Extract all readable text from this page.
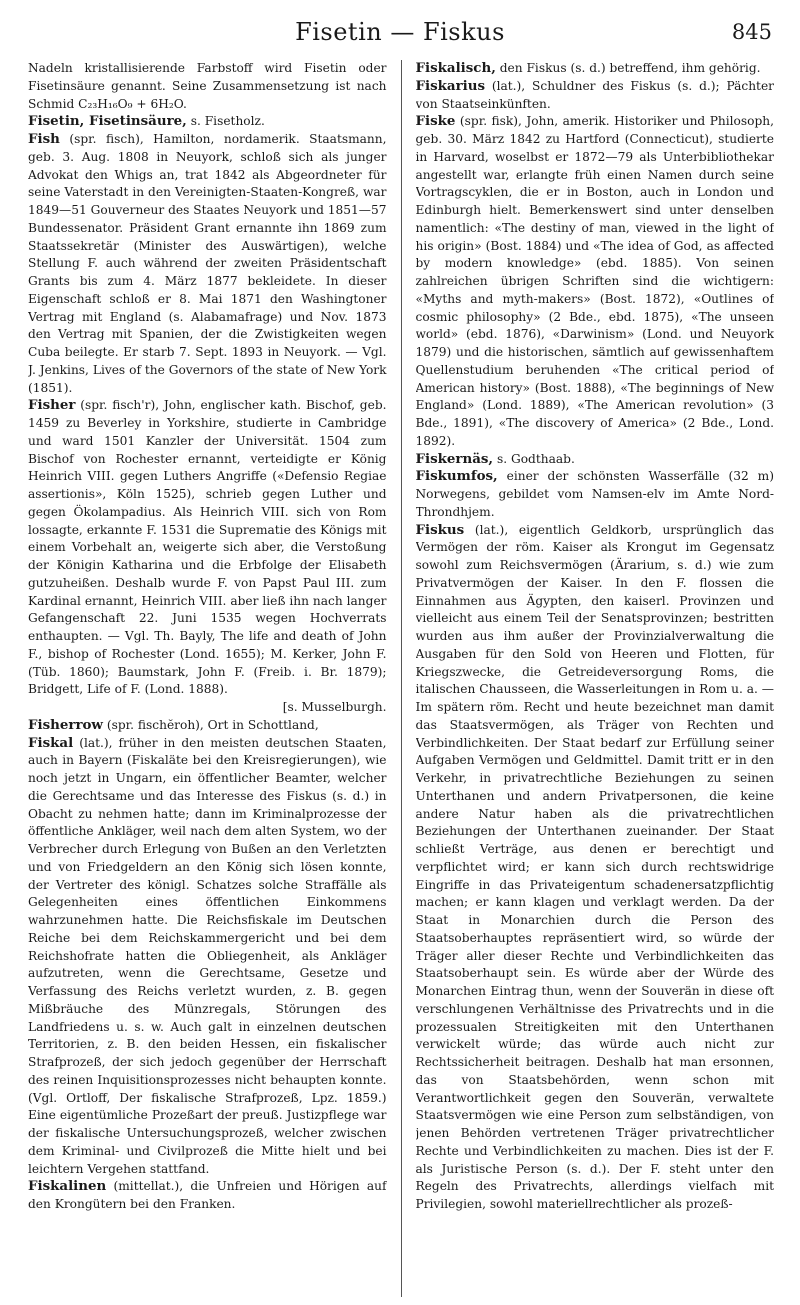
Fisetin — Fiskus	845

Nadeln kristallisierende Farbstoff wird Fisetin oder Fisetinsäure genannt. Seine Zusammensetzung ist nach Schmid C₂₃H₁₆O₉ + 6H₂O.

Fisetin, Fisetinsäure, s. Fisetholz.

Fish (spr. fisch), Hamilton, nordamerik. Staatsmann, geb. 3. Aug. 1808 in Neuyork, schloß sich als junger Advokat den Whigs an, trat 1842 als Abgeordneter für seine Vaterstadt in den Vereinigten-Staaten-Kongreß, war 1849—51 Gouverneur des Staates Neuyork und 1851—57 Bundessenator. Präsident Grant ernannte ihn 1869 zum Staatssekretär (Minister des Auswärtigen), welche Stellung F. auch während der zweiten Präsidentschaft Grants bis zum 4. März 1877 bekleidete. In dieser Eigenschaft schloß er 8. Mai 1871 den Washingtoner Vertrag mit England (s. Alabamafrage) und Nov. 1873 den Vertrag mit Spanien, der die Zwistigkeiten wegen Cuba beilegte. Er starb 7. Sept. 1893 in Neuyork. — Vgl. J. Jenkins, Lives of the Governors of the state of New York (1851).

Fisher (spr. fisch'r), John, englischer kath. Bischof, geb. 1459 zu Beverley in Yorkshire, studierte in Cambridge und ward 1501 Kanzler der Universität. 1504 zum Bischof von Rochester ernannt, verteidigte er König Heinrich VIII. gegen Luthers Angriffe («Defensio Regiae assertionis», Köln 1525), schrieb gegen Luther und gegen Ökolampadius. Als Heinrich VIII. sich von Rom lossagte, erkannte F. 1531 die Suprematie des Königs mit einem Vorbehalt an, weigerte sich aber, die Verstoßung der Königin Katharina und die Erbfolge der Elisabeth gutzuheißen. Deshalb wurde F. von Papst Paul III. zum Kardinal ernannt, Heinrich VIII. aber ließ ihn nach langer Gefangenschaft 22. Juni 1535 wegen Hochverrats enthaupten. — Vgl. Th. Bayly, The life and death of John F., bishop of Rochester (Lond. 1655); M. Kerker, John F. (Tüb. 1860); Baumstark, John F. (Freib. i. Br. 1879); Bridgett, Life of F. (Lond. 1888).
[s. Musselburgh.

Fisherrow (spr. fischĕroh), Ort in Schottland,

Fiskal (lat.), früher in den meisten deutschen Staaten, auch in Bayern (Fiskaläte bei den Kreisregierungen), wie noch jetzt in Ungarn, ein öffentlicher Beamter, welcher die Gerechtsame und das Interesse des Fiskus (s. d.) in Obacht zu nehmen hatte; dann im Kriminalprozesse der öffentliche Ankläger, weil nach dem alten System, wo der Verbrecher durch Erlegung von Bußen an den Verletzten und von Friedgeldern an den König sich lösen konnte, der Vertreter des königl. Schatzes solche Straffälle als Gelegenheiten eines öffentlichen Einkommens wahrzunehmen hatte. Die Reichsfiskale im Deutschen Reiche bei dem Reichskammergericht und bei dem Reichshofrate hatten die Obliegenheit, als Ankläger aufzutreten, wenn die Gerechtsame, Gesetze und Verfassung des Reichs verletzt wurden, z. B. gegen Mißbräuche des Münzregals, Störungen des Landfriedens u. s. w. Auch galt in einzelnen deutschen Territorien, z. B. den beiden Hessen, ein fiskalischer Strafprozeß, der sich jedoch gegenüber der Herrschaft des reinen Inquisitionsprozesses nicht behaupten konnte. (Vgl. Ortloff, Der fiskalische Strafprozeß, Lpz. 1859.) Eine eigentümliche Prozeßart der preuß. Justizpflege war der fiskalische Untersuchungsprozeß, welcher zwischen dem Kriminal- und Civilprozeß die Mitte hielt und bei leichtern Vergehen stattfand.

Fiskalinen (mittellat.), die Unfreien und Hörigen auf den Krongütern bei den Franken.

Fiskalisch, den Fiskus (s. d.) betreffend, ihm gehörig.

Fiskarius (lat.), Schuldner des Fiskus (s. d.); Pächter von Staatseinkünften.

Fiske (spr. fisk), John, amerik. Historiker und Philosoph, geb. 30. März 1842 zu Hartford (Connecticut), studierte in Harvard, woselbst er 1872—79 als Unterbibliothekar angestellt war, erlangte früh einen Namen durch seine Vortragscyklen, die er in Boston, auch in London und Edinburgh hielt. Bemerkenswert sind unter denselben namentlich: «The destiny of man, viewed in the light of his origin» (Bost. 1884) und «The idea of God, as affected by modern knowledge» (ebd. 1885). Von seinen zahlreichen übrigen Schriften sind die wichtigern: «Myths and myth-makers» (Bost. 1872), «Outlines of cosmic philosophy» (2 Bde., ebd. 1875), «The unseen world» (ebd. 1876), «Darwinism» (Lond. und Neuyork 1879) und die historischen, sämtlich auf gewissenhaftem Quellenstudium beruhenden «The critical period of American history» (Bost. 1888), «The beginnings of New England» (Lond. 1889), «The American revolution» (3 Bde., 1891), «The discovery of America» (2 Bde., Lond. 1892).

Fiskernäs, s. Godthaab.

Fiskumfos, einer der schönsten Wasserfälle (32 m) Norwegens, gebildet vom Namsen-elv im Amte Nord-Throndhjem.

Fiskus (lat.), eigentlich Geldkorb, ursprünglich das Vermögen der röm. Kaiser als Krongut im Gegensatz sowohl zum Reichsvermögen (Ärarium, s. d.) wie zum Privatvermögen der Kaiser. In den F. flossen die Einnahmen aus Ägypten, den kaiserl. Provinzen und vielleicht aus einem Teil der Senatsprovinzen; bestritten wurden aus ihm außer der Provinzialverwaltung die Ausgaben für den Sold von Heeren und Flotten, für Kriegszwecke, die Getreideversorgung Roms, die italischen Chausseen, die Wasserleitungen in Rom u. a. — Im spätern röm. Recht und heute bezeichnet man damit das Staatsvermögen, als Träger von Rechten und Verbindlichkeiten. Der Staat bedarf zur Erfüllung seiner Aufgaben Vermögen und Geldmittel. Damit tritt er in den Verkehr, in privatrechtliche Beziehungen zu seinen Unterthanen und andern Privatpersonen, die keine andere Natur haben als die privatrechtlichen Beziehungen der Unterthanen zueinander. Der Staat schließt Verträge, aus denen er berechtigt und verpflichtet wird; er kann sich durch rechtswidrige Eingriffe in das Privateigentum schadenersatzpflichtig machen; er kann klagen und verklagt werden. Da der Staat in Monarchien durch die Person des Staatsoberhauptes repräsentiert wird, so würde der Träger aller dieser Rechte und Verbindlichkeiten das Staatsoberhaupt sein. Es würde aber der Würde des Monarchen Eintrag thun, wenn der Souverän in diese oft verschlungenen Verhältnisse des Privatrechts und in die prozessualen Streitigkeiten mit den Unterthanen verwickelt würde; das würde auch nicht zur Rechtssicherheit beitragen. Deshalb hat man ersonnen, das von Staatsbehörden, wenn schon mit Verantwortlichkeit gegen den Souverän, verwaltete Staatsvermögen wie eine Person zum selbständigen, von jenen Behörden vertretenen Träger privatrechtlicher Rechte und Verbindlichkeiten zu machen. Dies ist der F. als Juristische Person (s. d.). Der F. steht unter den Regeln des Privatrechts, allerdings vielfach mit Privilegien, sowohl materiellrechtlicher als prozeß-
